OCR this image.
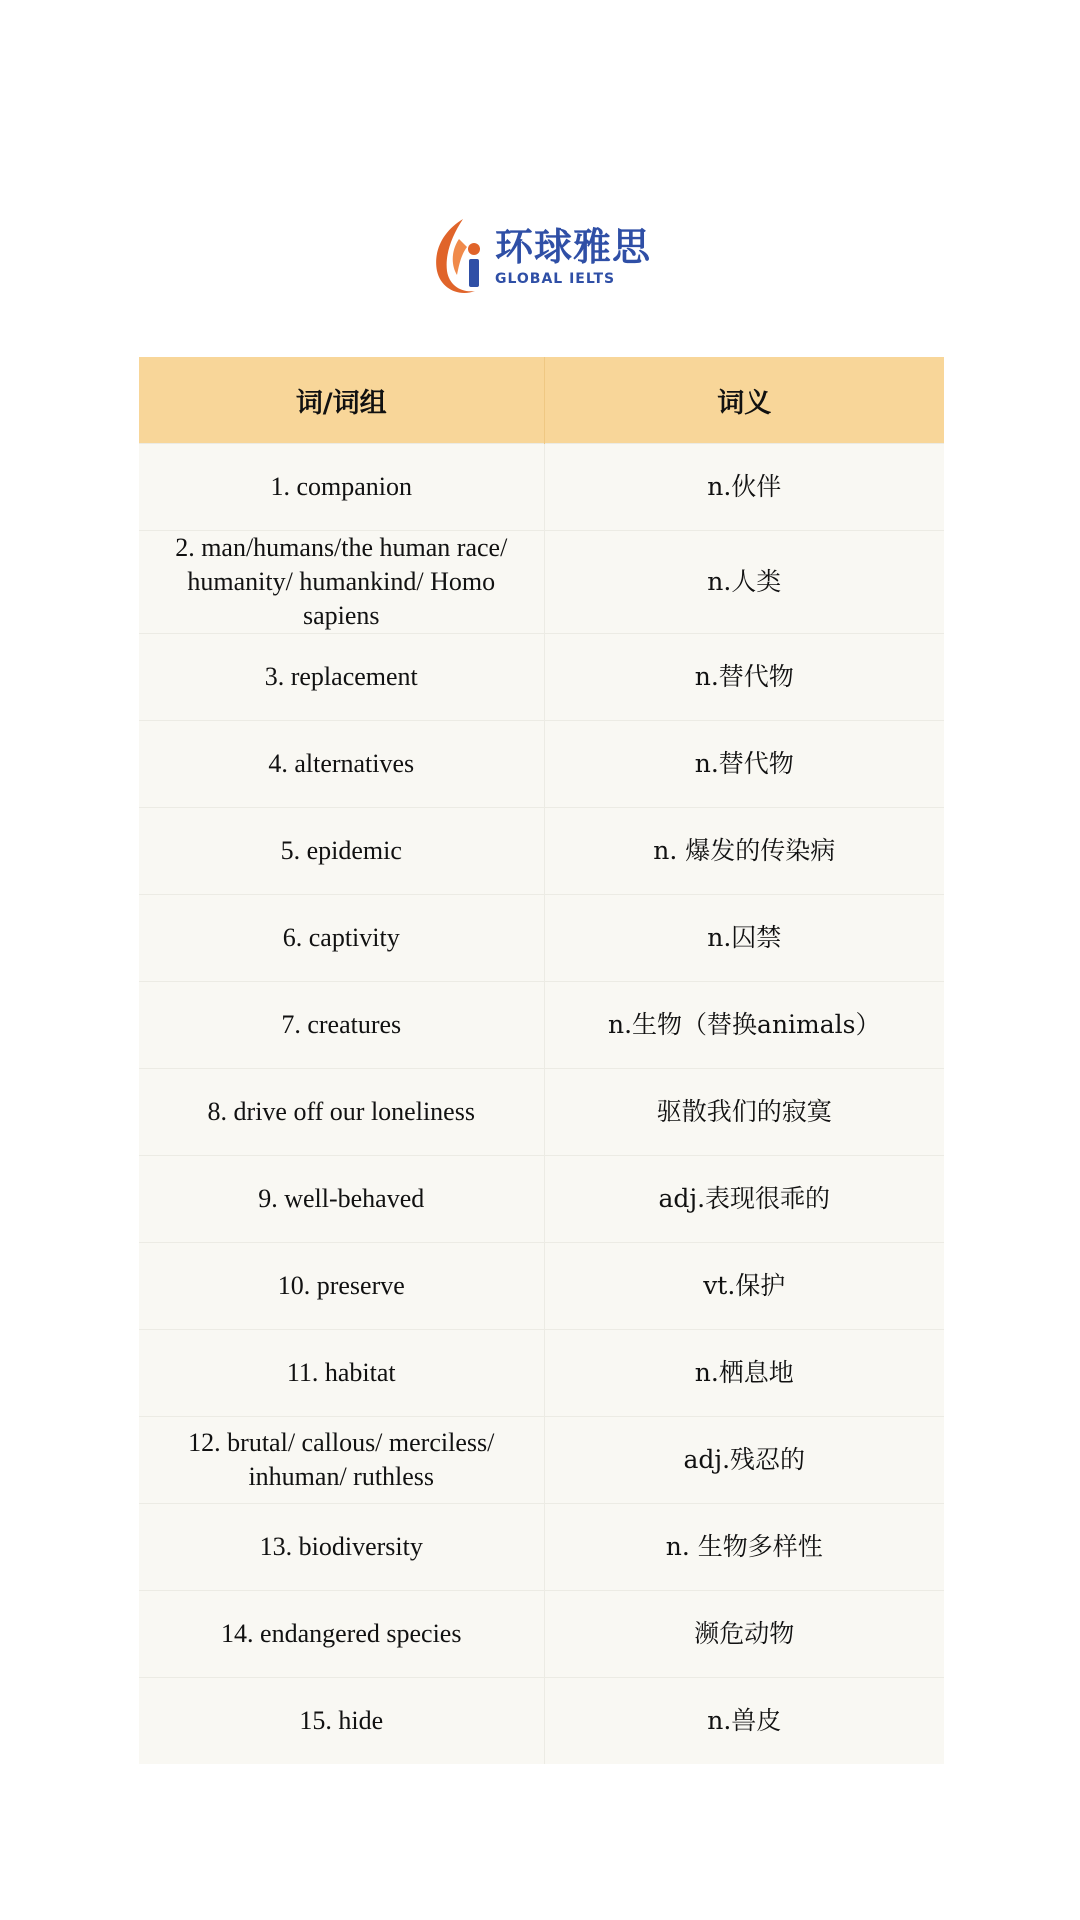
环球雅思
GLOBAL IELTS
词/词组	词义
1. companion	n.伙伴
2. man/humans/the human race/ humanity/ humankind/ Homo sapiens	n.人类
3. replacement	n.替代物
4. alternatives	n.替代物
5. epidemic	n. 爆发的传染病
6. captivity	n.囚禁
7. creatures	n.生物（替换animals）
8. drive off our loneliness	驱散我们的寂寞
9. well-behaved	adj.表现很乖的
10. preserve	vt.保护
11. habitat	n.栖息地
12. brutal/ callous/ merciless/ inhuman/ ruthless	adj.残忍的
13. biodiversity	n. 生物多样性
14. endangered species	濒危动物
15. hide	n.兽皮
